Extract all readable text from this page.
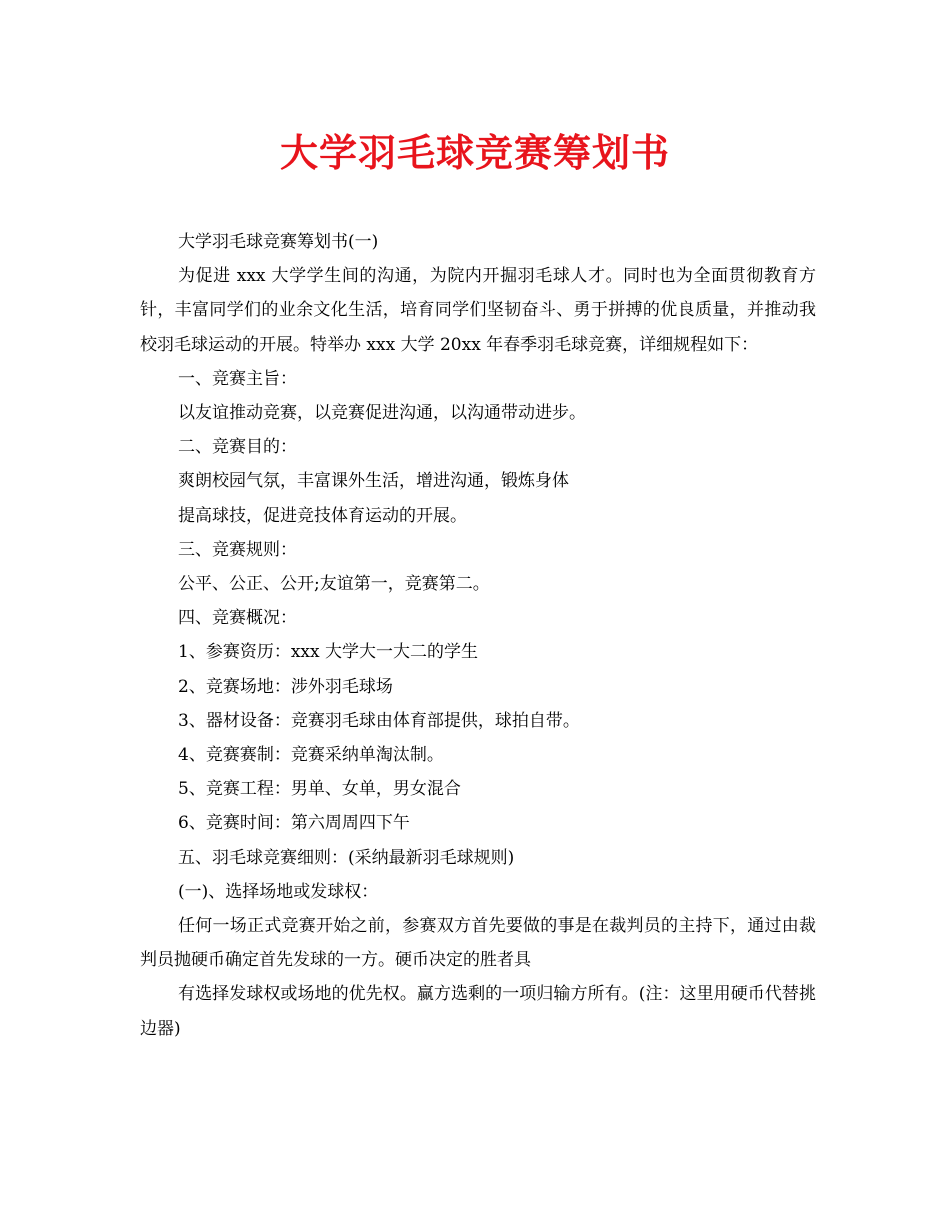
大学羽毛球竞赛筹划书

大学羽毛球竞赛筹划书(一)

为促进 xxx 大学学生间的沟通，为院内开掘羽毛球人才。同时也为全面贯彻教育方针，丰富同学们的业余文化生活，培育同学们坚韧奋斗、勇于拼搏的优良质量，并推动我校羽毛球运动的开展。特举办 xxx 大学 20xx 年春季羽毛球竞赛，详细规程如下：

一、竞赛主旨：

以友谊推动竞赛，以竞赛促进沟通，以沟通带动进步。

二、竞赛目的：

爽朗校园气氛，丰富课外生活，增进沟通，锻炼身体

提高球技，促进竞技体育运动的开展。

三、竞赛规则：

公平、公正、公开;友谊第一，竞赛第二。

四、竞赛概况：

1、参赛资历：xxx 大学大一大二的学生

2、竞赛场地：涉外羽毛球场

3、器材设备：竞赛羽毛球由体育部提供，球拍自带。

4、竞赛赛制：竞赛采纳单淘汰制。

5、竞赛工程：男单、女单，男女混合

6、竞赛时间：第六周周四下午

五、羽毛球竞赛细则：(采纳最新羽毛球规则)

(一)、选择场地或发球权：

任何一场正式竞赛开始之前，参赛双方首先要做的事是在裁判员的主持下，通过由裁判员抛硬币确定首先发球的一方。硬币决定的胜者具

有选择发球权或场地的优先权。赢方选剩的一项归输方所有。(注：这里用硬币代替挑边器)
